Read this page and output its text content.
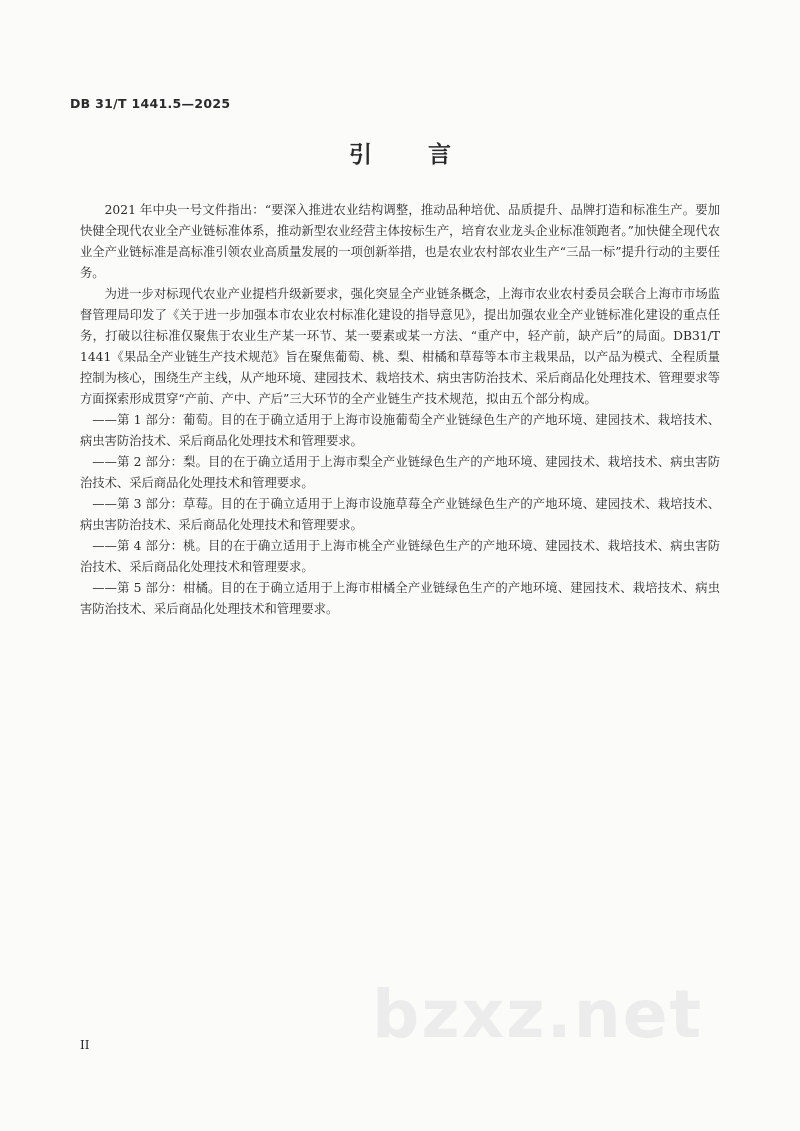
DB 31/T 1441.5—2025
引 言

2021 年中央一号文件指出：“要深入推进农业结构调整，推动品种培优、品质提升、品牌打造和标准生产。要加快健全现代农业全产业链标准体系，推动新型农业经营主体按标生产，培育农业龙头企业标准领跑者。”加快健全现代农业全产业链标准是高标准引领农业高质量发展的一项创新举措，也是农业农村部农业生产“三品一标”提升行动的主要任务。

为进一步对标现代农业产业提档升级新要求，强化突显全产业链条概念，上海市农业农村委员会联合上海市市场监督管理局印发了《关于进一步加强本市农业农村标准化建设的指导意见》，提出加强农业全产业链标准化建设的重点任务，打破以往标准仅聚焦于农业生产某一环节、某一要素或某一方法、“重产中，轻产前，缺产后”的局面。DB31/T 1441《果品全产业链生产技术规范》旨在聚焦葡萄、桃、梨、柑橘和草莓等本市主栽果品，以产品为模式、全程质量控制为核心，围绕生产主线，从产地环境、建园技术、栽培技术、病虫害防治技术、采后商品化处理技术、管理要求等方面探索形成贯穿“产前、产中、产后”三大环节的全产业链生产技术规范，拟由五个部分构成。

——第 1 部分：葡萄。目的在于确立适用于上海市设施葡萄全产业链绿色生产的产地环境、建园技术、栽培技术、病虫害防治技术、采后商品化处理技术和管理要求。

——第 2 部分：梨。目的在于确立适用于上海市梨全产业链绿色生产的产地环境、建园技术、栽培技术、病虫害防治技术、采后商品化处理技术和管理要求。

——第 3 部分：草莓。目的在于确立适用于上海市设施草莓全产业链绿色生产的产地环境、建园技术、栽培技术、病虫害防治技术、采后商品化处理技术和管理要求。

——第 4 部分：桃。目的在于确立适用于上海市桃全产业链绿色生产的产地环境、建园技术、栽培技术、病虫害防治技术、采后商品化处理技术和管理要求。

——第 5 部分：柑橘。目的在于确立适用于上海市柑橘全产业链绿色生产的产地环境、建园技术、栽培技术、病虫害防治技术、采后商品化处理技术和管理要求。

bzxz.net
II
